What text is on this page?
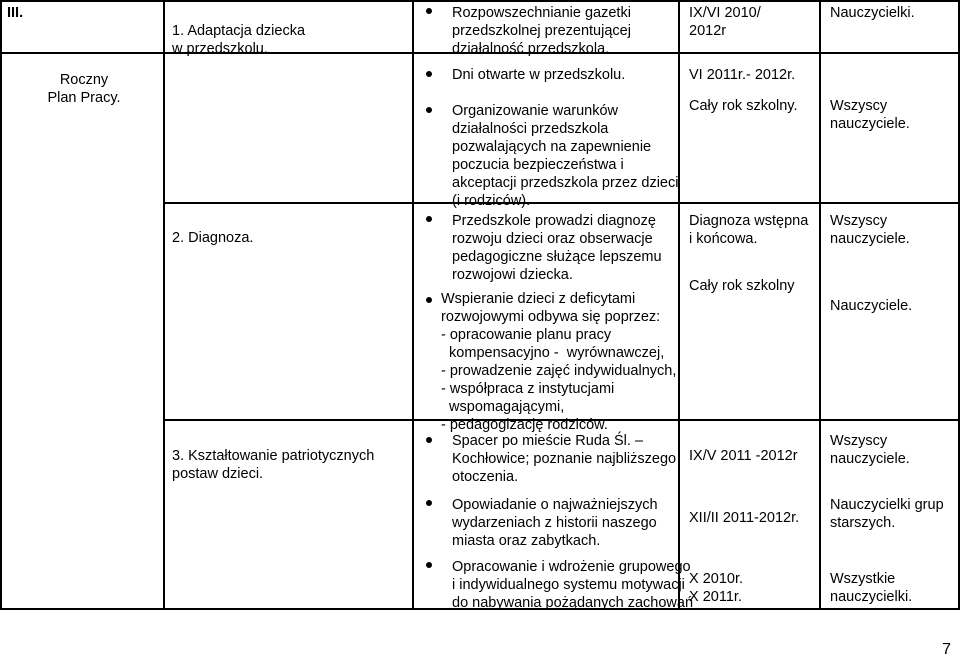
III.
Roczny
Plan Pracy.
1. Adaptacja dziecka
w przedszkolu.
Rozpowszechnianie gazetki
przedszkolnej prezentującej
działalność przedszkola.
IX/VI 2010/
2012r
Nauczycielki.
Dni otwarte w przedszkolu.	VI 2011r.- 2012r.
Organizowanie warunków
działalności przedszkola
pozwalających na zapewnienie
poczucia bezpieczeństwa i
akceptacji przedszkola przez dzieci
(i rodziców).
Cały rok szkolny. Wszyscy
nauczyciele.
2. Diagnoza.
Przedszkole prowadzi diagnozę
rozwoju dzieci oraz obserwacje
pedagogiczne służące lepszemu
rozwojowi dziecka.
Diagnoza wstępna
i końcowa.
Wszyscy
nauczyciele.
Wspieranie dzieci z deficytami
rozwojowymi odbywa się poprzez:
- opracowanie planu pracy
kompensacyjno -  wyrównawczej,
- prowadzenie zajęć indywidualnych,
- współpraca z instytucjami
wspomagającymi,
- pedagogizację rodziców.
Cały rok szkolny
Nauczyciele.
3. Kształtowanie patriotycznych
postaw dzieci.
Spacer po mieście Ruda Śl. –
Kochłowice; poznanie najbliższego
otoczenia.
IX/V 2011 -2012r
Wszyscy
nauczyciele.
Opowiadanie o najważniejszych
wydarzeniach z historii naszego
miasta oraz zabytkach.
XII/II 2011-2012r.
Nauczycielki grup
starszych.
Opracowanie i wdrożenie grupowego
i indywidualnego systemu motywacji
do nabywania pożądanych zachowań
X 2010r.
X 2011r.
Wszystkie
nauczycielki.
7
